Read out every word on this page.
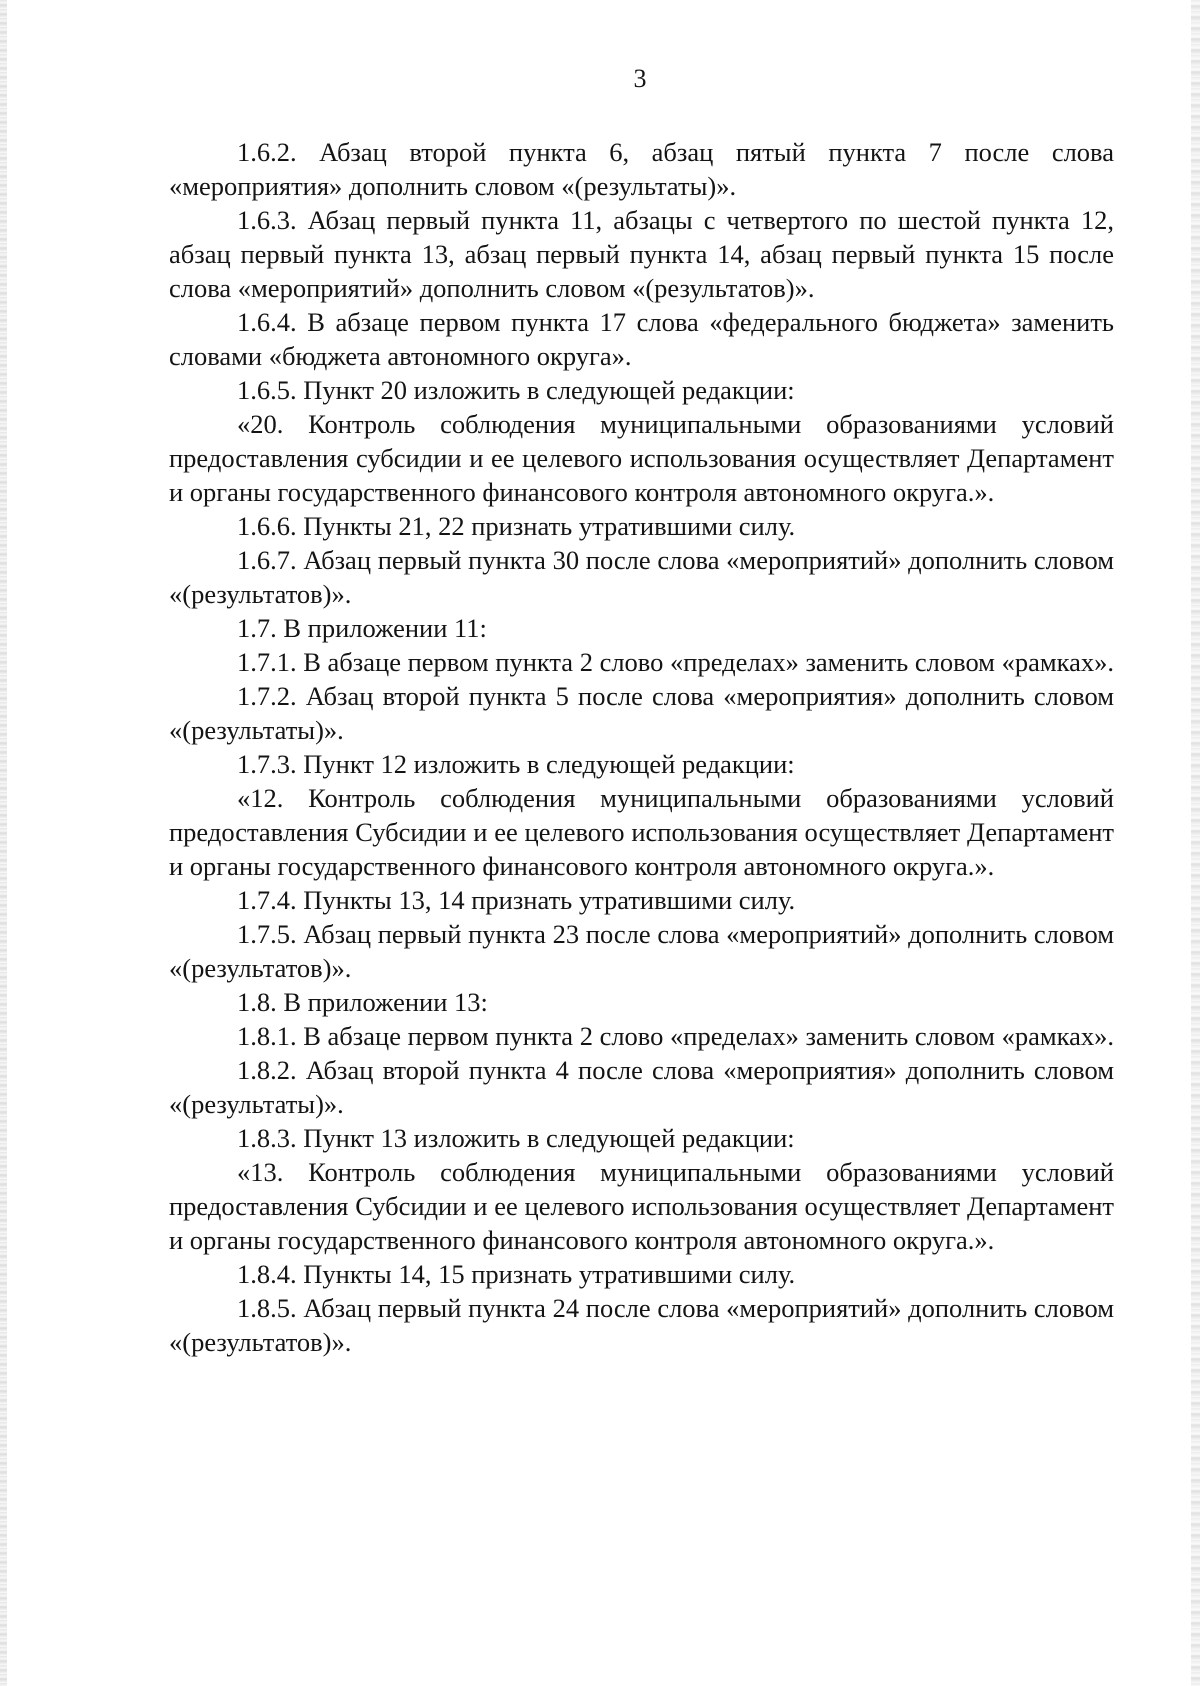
3

1.6.2. Абзац второй пункта 6, абзац пятый пункта 7 после слова «мероприятия» дополнить словом «(результаты)».

1.6.3. Абзац первый пункта 11, абзацы с четвертого по шестой пункта 12, абзац первый пункта 13, абзац первый пункта 14, абзац первый пункта 15 после слова «мероприятий» дополнить словом «(результатов)».

1.6.4. В абзаце первом пункта 17 слова «федерального бюджета» заменить словами «бюджета автономного округа».

1.6.5. Пункт 20 изложить в следующей редакции:

«20. Контроль соблюдения муниципальными образованиями условий предоставления субсидии и ее целевого использования осуществляет Департамент и органы государственного финансового контроля автономного округа.».

1.6.6. Пункты 21, 22 признать утратившими силу.

1.6.7. Абзац первый пункта 30 после слова «мероприятий» дополнить словом «(результатов)».

1.7. В приложении 11:

1.7.1. В абзаце первом пункта 2 слово «пределах» заменить словом «рамках».

1.7.2. Абзац второй пункта 5 после слова «мероприятия» дополнить словом «(результаты)».

1.7.3. Пункт 12 изложить в следующей редакции:

«12. Контроль соблюдения муниципальными образованиями условий предоставления Субсидии и ее целевого использования осуществляет Департамент и органы государственного финансового контроля автономного округа.».

1.7.4. Пункты 13, 14 признать утратившими силу.

1.7.5. Абзац первый пункта 23 после слова «мероприятий» дополнить словом «(результатов)».

1.8. В приложении 13:

1.8.1. В абзаце первом пункта 2 слово «пределах» заменить словом «рамках».

1.8.2. Абзац второй пункта 4 после слова «мероприятия» дополнить словом «(результаты)».

1.8.3. Пункт 13 изложить в следующей редакции:

«13. Контроль соблюдения муниципальными образованиями условий предоставления Субсидии и ее целевого использования осуществляет Департамент и органы государственного финансового контроля автономного округа.».

1.8.4. Пункты 14, 15 признать утратившими силу.

1.8.5. Абзац первый пункта 24 после слова «мероприятий» дополнить словом «(результатов)».
